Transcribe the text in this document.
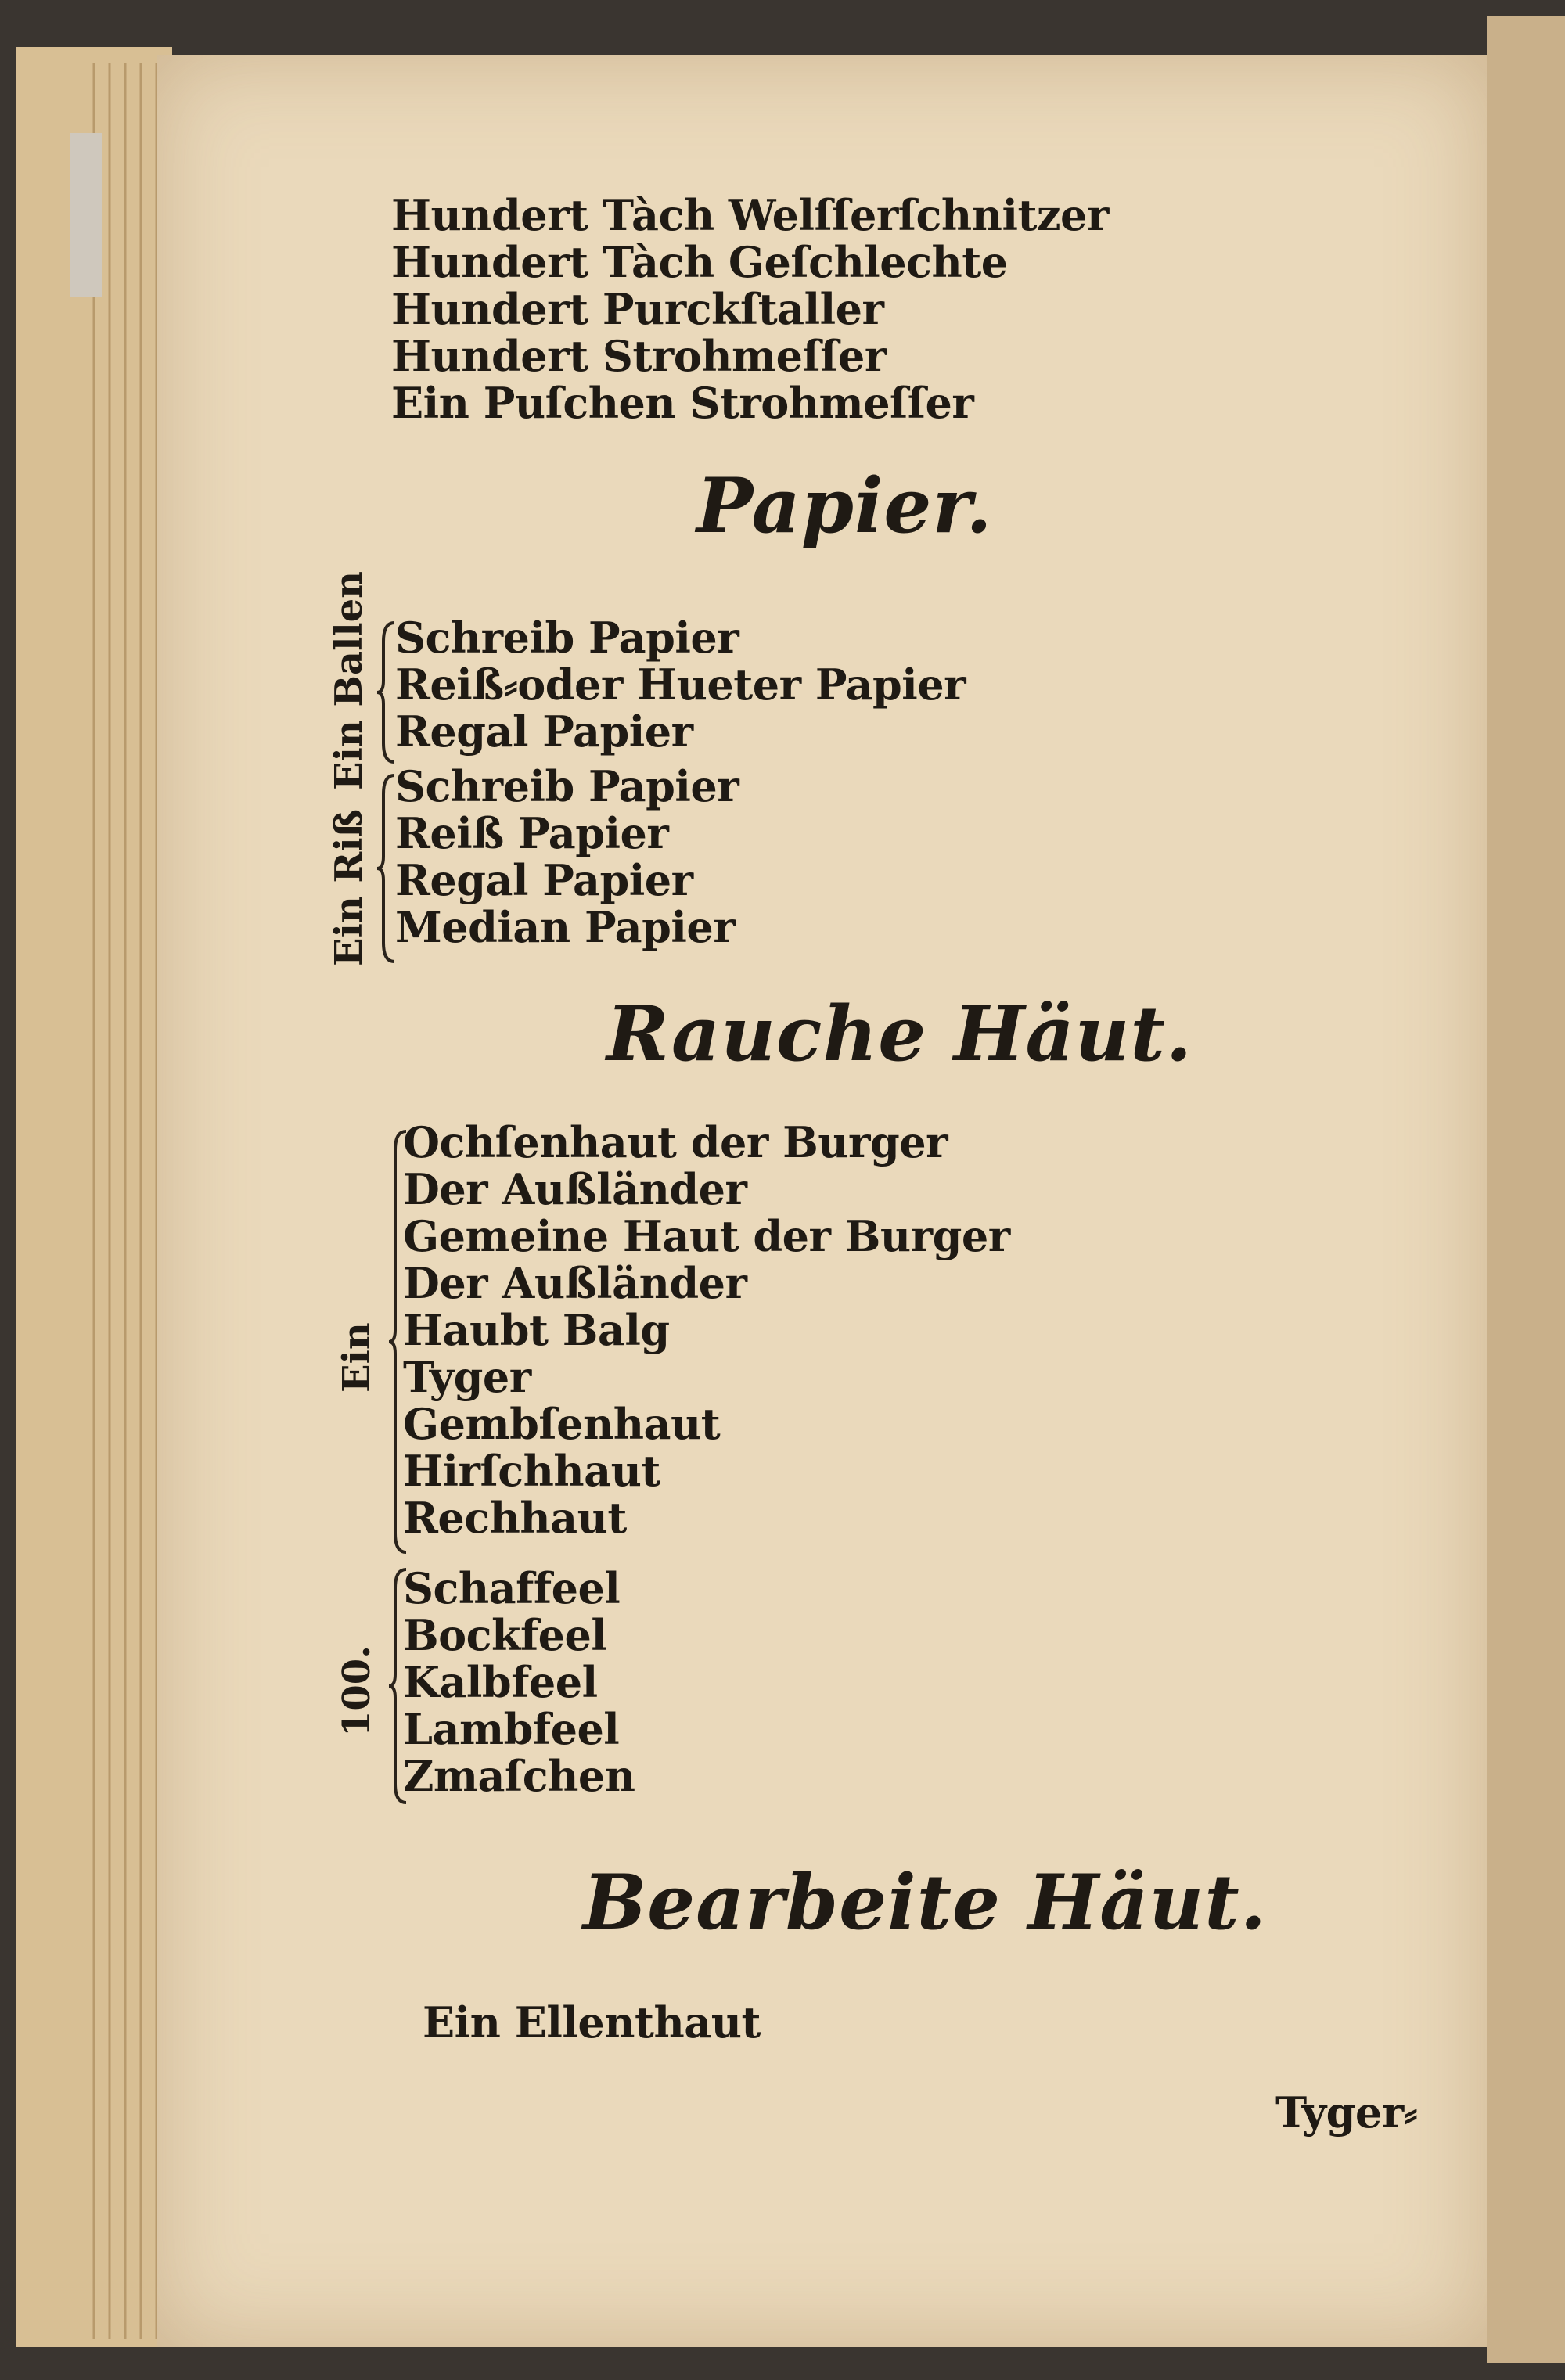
Hundert Tàch Welſſerſchnitzer
Hundert Tàch Geſchlechte
Hundert Purckſtaller
Hundert Strohmeſſer
Ein Puſchen Strohmeſſer
Papier.
Ein Riß
Ein Ballen Schreib Papier
Reiß⸗oder Hueter Papier
Regal Papier
Schreib Papier
Reiß Papier
Regal Papier
Median Papier
Rauche Häut.
Ein
100.
Ochſenhaut der Burger
Der Außländer
Gemeine Haut der Burger
Der Außländer
Haubt Balg
Tyger
Gembſenhaut
Hirſchhaut
Rechhaut
Schaffeel
Bockfeel
Kalbfeel
Lambfeel
Zmaſchen
Bearbeite Häut.
Ein Ellenthaut
Tyger⸗
